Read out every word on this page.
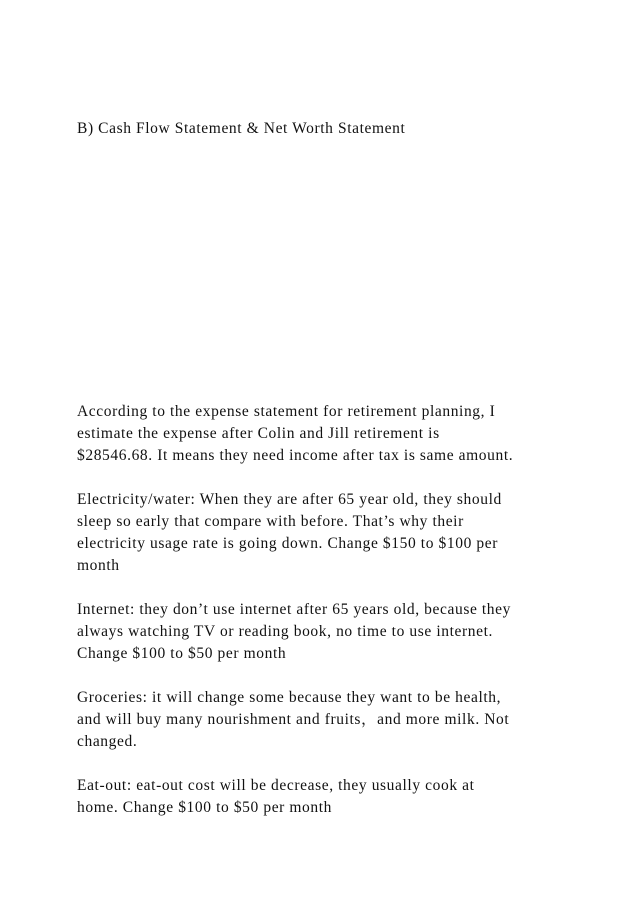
B) Cash Flow Statement & Net Worth Statement

According to the expense statement for retirement planning, I
estimate the expense after Colin and Jill retirement is
$28546.68. It means they need income after tax is same amount.

Electricity/water: When they are after 65 year old, they should
sleep so early that compare with before. That’s why their
electricity usage rate is going down. Change $150 to $100 per
month

Internet: they don’t use internet after 65 years old, because they
always watching TV or reading book, no time to use internet.
Change $100 to $50 per month

Groceries: it will change some because they want to be health,
and will buy many nourishment and fruits，and more milk. Not
changed.

Eat-out: eat-out cost will be decrease, they usually cook at
home. Change $100 to $50 per month
